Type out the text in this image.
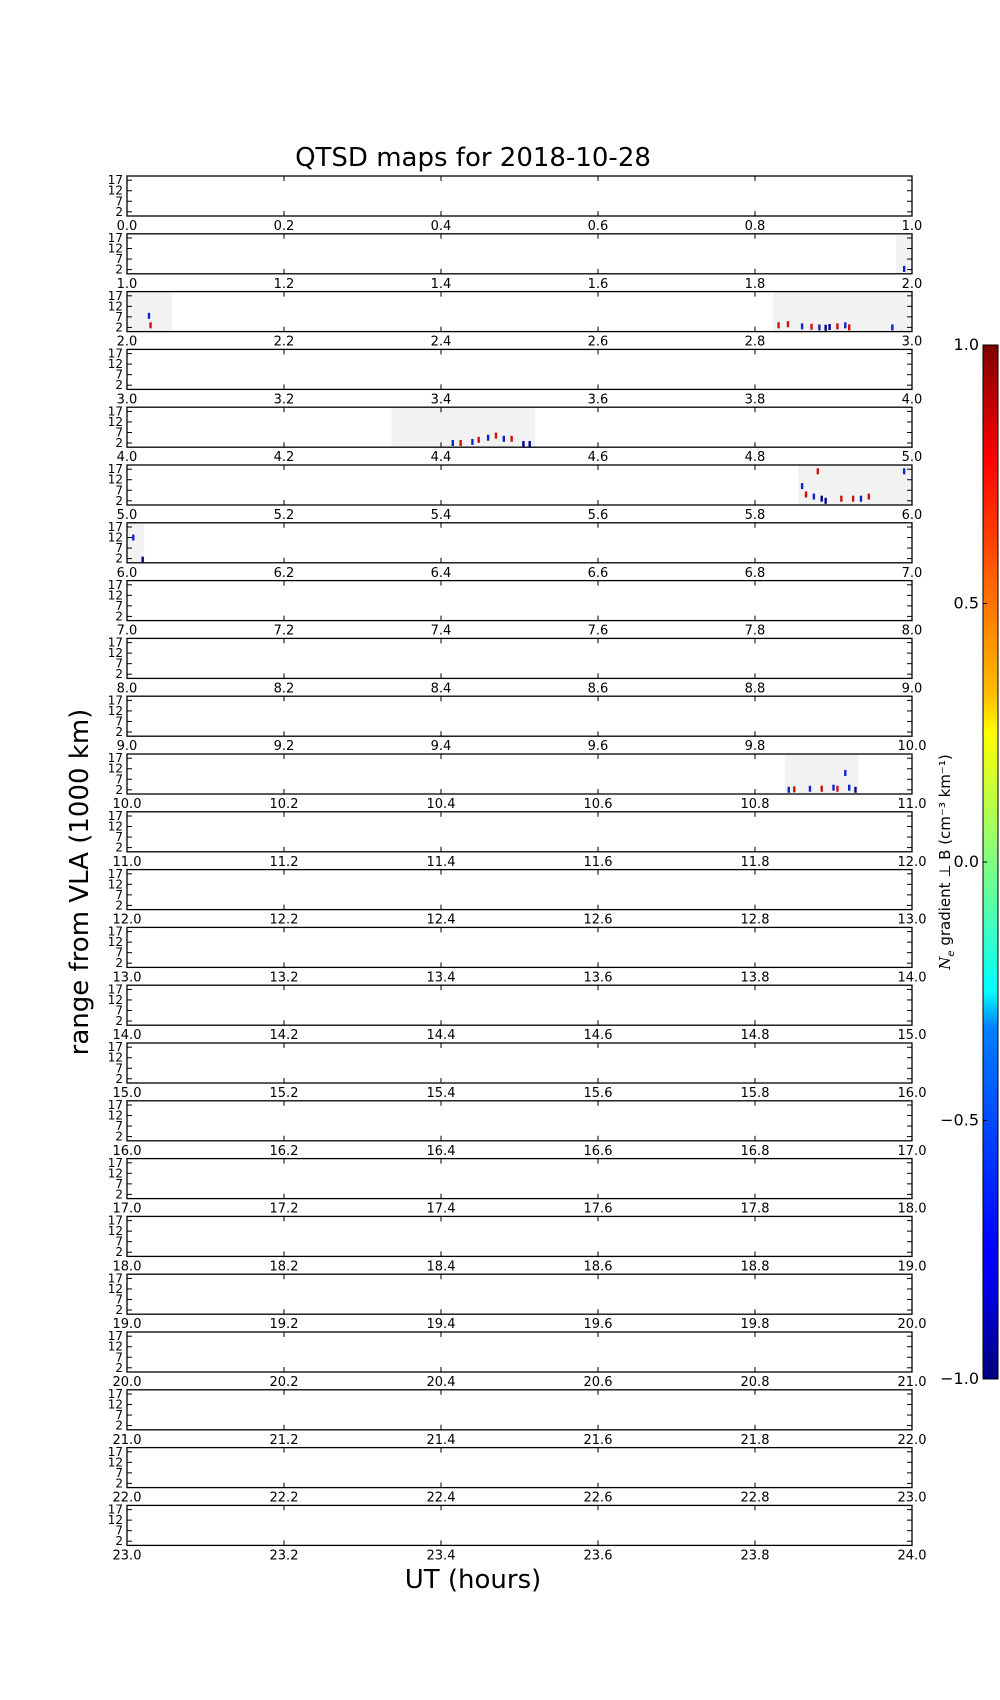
QTSD maps for 2018-10-28
2
7
12
17
0.0	0.2	0.4	0.6	0.8	1.0
2
7
12
17
1.0	1.2	1.4	1.6	1.8	2.0
2
7
12
17
2.0	2.2	2.4	2.6	2.8	3.0
2
7
12
17
3.0	3.2	3.4	3.6	3.8	4.0
2
7
12
17
4.0	4.2	4.4	4.6	4.8	5.0
2
7
12
17
5.0	5.2	5.4	5.6	5.8	6.0
2
7
12
17
6.0	6.2	6.4	6.6	6.8	7.0
2
7
12
17
7.0	7.2	7.4	7.6	7.8	8.0
2
7
12
17
8.0	8.2	8.4	8.6	8.8	9.0
2
7
12
17
9.0	9.2	9.4	9.6	9.8	10.0
2
7
12
17
10.0	10.2	10.4	10.6	10.8	11.0
2
7
12
17
11.0	11.2	11.4	11.6	11.8	12.0
2
7
12
17
12.0	12.2	12.4	12.6	12.8	13.0
2
7
12
17
13.0	13.2	13.4	13.6	13.8	14.0
2
7
12
17
14.0	14.2	14.4	14.6	14.8	15.0
2
7
12
17
15.0	15.2	15.4	15.6	15.8	16.0
2
7
12
17
16.0	16.2	16.4	16.6	16.8	17.0
2
7
12
17
17.0	17.2	17.4	17.6	17.8	18.0
2
7
12
17
18.0	18.2	18.4	18.6	18.8	19.0
2
7
12
17
19.0	19.2	19.4	19.6	19.8	20.0
2
7
12
17
20.0	20.2	20.4	20.6	20.8	21.0
2
7
12
17
21.0	21.2	21.4	21.6	21.8	22.0
2
7
12
17
22.0	22.2	22.4	22.6	22.8	23.0
2
7
12
17
23.0	23.2	23.4	23.6	23.8	24.0
range from VLA (1000 km)
UT (hours)
1.0
0.5
0.0
−0.5
−1.0
$N_e$ gradient ⊥ B (cm⁻³ km⁻¹)
